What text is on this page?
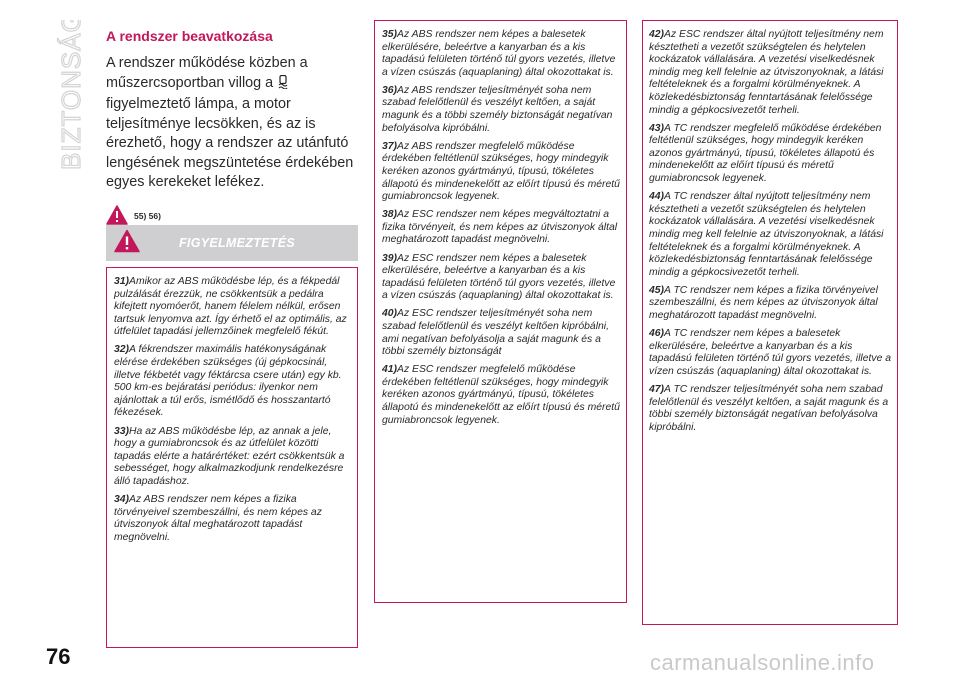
BIZTONSÁG A rendszer beavatkozása

A rendszer működése közben a műszercsoportban villog a figyelmeztető lámpa, a motor teljesítménye lecsökken, és az is érezhető, hogy a rendszer az utánfutó lengésének megszüntetése érdekében egyes kerekeket lefékez.

55) 56)
FIGYELMEZTETÉS

31)Amikor az ABS működésbe lép, és a fékpedál pulzálását érezzük, ne csökkentsük a pedálra kifejtett nyomóerőt, hanem félelem nélkül, erősen tartsuk lenyomva azt. Így érhető el az optimális, az útfelület tapadási jellemzőinek megfelelő fékút.

32)A fékrendszer maximális hatékonyságának elérése érdekében szükséges (új gépkocsinál, illetve fékbetét vagy féktárcsa csere után) egy kb. 500 km-es bejáratási periódus: ilyenkor nem ajánlottak a túl erős, ismétlődő és hosszantartó fékezések.

33)Ha az ABS működésbe lép, az annak a jele, hogy a gumiabroncsok és az útfelület közötti tapadás elérte a határértéket: ezért csökkentsük a sebességet, hogy alkalmazkodjunk rendelkezésre álló tapadáshoz.

34)Az ABS rendszer nem képes a fizika törvényeivel szembeszállni, és nem képes az útviszonyok által meghatározott tapadást megnövelni.

35)Az ABS rendszer nem képes a balesetek elkerülésére, beleértve a kanyarban és a kis tapadású felületen történő túl gyors vezetés, illetve a vízen csúszás (aquaplaning) által okozottakat is.

36)Az ABS rendszer teljesítményét soha nem szabad felelőtlenül és veszélyt keltően, a saját magunk és a többi személy biztonságát negatívan befolyásolva kipróbálni.

37)Az ABS rendszer megfelelő működése érdekében feltétlenül szükséges, hogy mindegyik keréken azonos gyártmányú, típusú, tökéletes állapotú és mindenekelőtt az előírt típusú és méretű gumiabroncsok legyenek.

38)Az ESC rendszer nem képes megváltoztatni a fizika törvényeit, és nem képes az útviszonyok által meghatározott tapadást megnövelni.

39)Az ESC rendszer nem képes a balesetek elkerülésére, beleértve a kanyarban és a kis tapadású felületen történő túl gyors vezetés, illetve a vízen csúszás (aquaplaning) által okozottakat is.

40)Az ESC rendszer teljesítményét soha nem szabad felelőtlenül és veszélyt keltően kipróbálni, ami negatívan befolyásolja a saját magunk és a többi személy biztonságát

41)Az ESC rendszer megfelelő működése érdekében feltétlenül szükséges, hogy mindegyik keréken azonos gyártmányú, típusú, tökéletes állapotú és mindenekelőtt az előírt típusú és méretű gumiabroncsok legyenek.

42)Az ESC rendszer által nyújtott teljesítmény nem késztetheti a vezetőt szükségtelen és helytelen kockázatok vállalására. A vezetési viselkedésnek mindig meg kell felelnie az útviszonyoknak, a látási feltételeknek és a forgalmi körülményeknek. A közlekedésbiztonság fenntartásának felelőssége mindig a gépkocsivezetőt terheli.

43)A TC rendszer megfelelő működése érdekében feltétlenül szükséges, hogy mindegyik keréken azonos gyártmányú, típusú, tökéletes állapotú és mindenekelőtt az előírt típusú és méretű gumiabroncsok legyenek.

44)A TC rendszer által nyújtott teljesítmény nem késztetheti a vezetőt szükségtelen és helytelen kockázatok vállalására. A vezetési viselkedésnek mindig meg kell felelnie az útviszonyoknak, a látási feltételeknek és a forgalmi körülményeknek. A közlekedésbiztonság fenntartásának felelőssége mindig a gépkocsivezetőt terheli.

45)A TC rendszer nem képes a fizika törvényeivel szembeszállni, és nem képes az útviszonyok által meghatározott tapadást megnövelni.

46)A TC rendszer nem képes a balesetek elkerülésére, beleértve a kanyarban és a kis tapadású felületen történő túl gyors vezetés, illetve a vízen csúszás (aquaplaning) által okozottakat is.

47)A TC rendszer teljesítményét soha nem szabad felelőtlenül és veszélyt keltően, a saját magunk és a többi személy biztonságát negatívan befolyásolva kipróbálni.

76	carmanualsonline.info
